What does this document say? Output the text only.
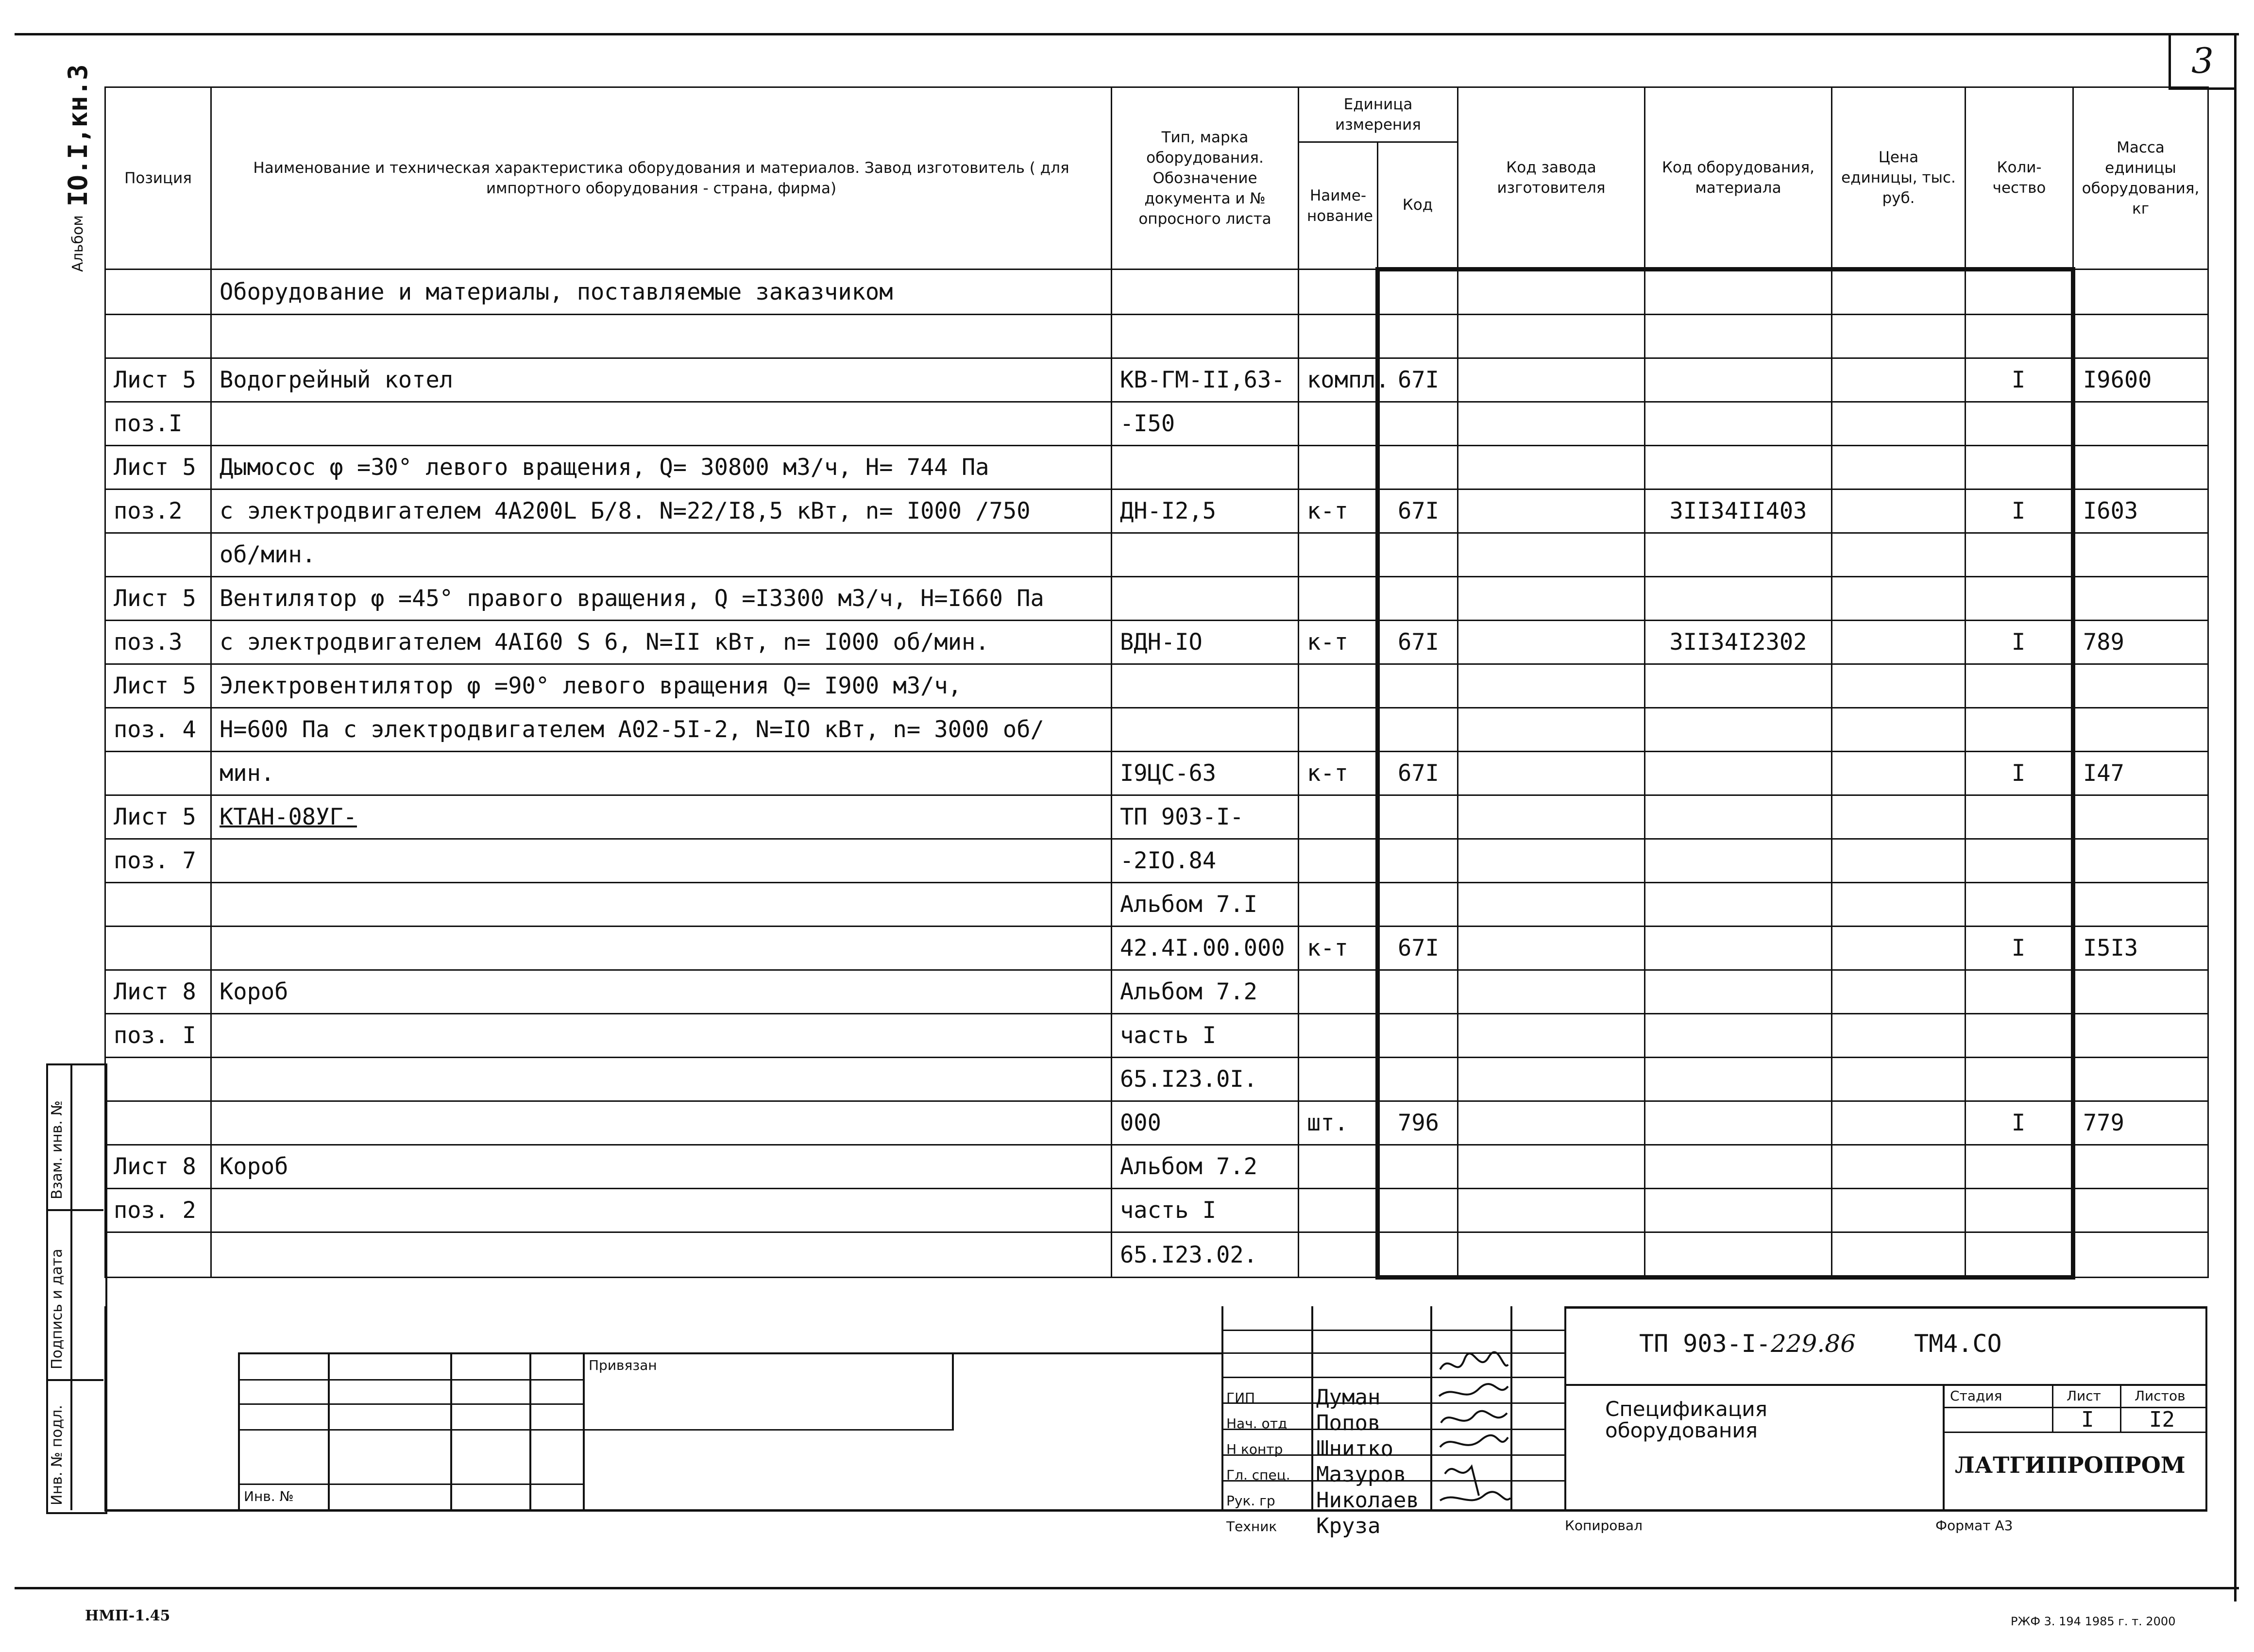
3
Альбом
IO.I,кн.3
Взам. инв. №
Подпись и дата
Инв. № подл.
Позиция	Наименование и техническая характеристика оборудования и материалов. Завод изготовитель ( для импортного оборудования - страна, фирма)	Тип, марка оборудования. Обозначение документа и № опросного листа	Единица измерения		Код завода изготовителя	Код оборудования, материала	Цена единицы, тыс. руб.	Коли-чество	Масса единицы оборудования, кг
			Наиме-нование	Код					
	Оборудование и материалы, поставляемые заказчиком								

Лист 5	Водогрейный котел	КВ-ГМ-II,63-	компл.	67I				I	I9600
поз.I		-I50							
Лист 5	Дымосос φ =30° левого вращения, Q= 30800 м3/ч, Н= 744 Па								
поз.2	с электродвигателем 4А200L Б/8. N=22/I8,5 кВт, n= I000 /750	ДН-I2,5	к-т	67I		3II34II403		I	I603
	об/мин.								
Лист 5	Вентилятор φ =45° правого вращения, Q =I3300 м3/ч, Н=I660 Па								
поз.3	с электродвигателем 4АI60 S 6, N=II кВт, n= I000 об/мин.	ВДН-IO	к-т	67I		3II34I2302		I	789
Лист 5	Электровентилятор φ =90° левого вращения Q= I900 м3/ч,								
поз. 4	Н=600 Па с электродвигателем А02-5I-2, N=IO кВт, n= 3000 об/								
	мин.	I9ЦС-63	к-т	67I				I	I47
Лист 5	КТАН-08УГ-	ТП 903-I-							
поз. 7		-2IO.84							
		Альбом 7.I							
		42.4I.00.000	к-т	67I				I	I5I3
Лист 8	Короб	Альбом 7.2							
поз. I		часть I							
		65.I23.0I.							
		000	шт.	796				I	779
Лист 8	Короб	Альбом 7.2							
поз. 2		часть I							
		65.I23.02.							
Привязан
Инв. №
ГИП	Думан
Нач. отд Попов
Н контр Шнитко
Гл. спец. Мазуров
Рук. гр Николаев
Техник Круза
ТП 903-I-229.86 ТМ4.СО
Спецификация оборудования
Стадия	Лист Листов
I	I2
ЛАТГИПРОПРОМ
Копировал	Формат А3
НМП-1.45	РЖФ 3. 194 1985 г. т. 2000
